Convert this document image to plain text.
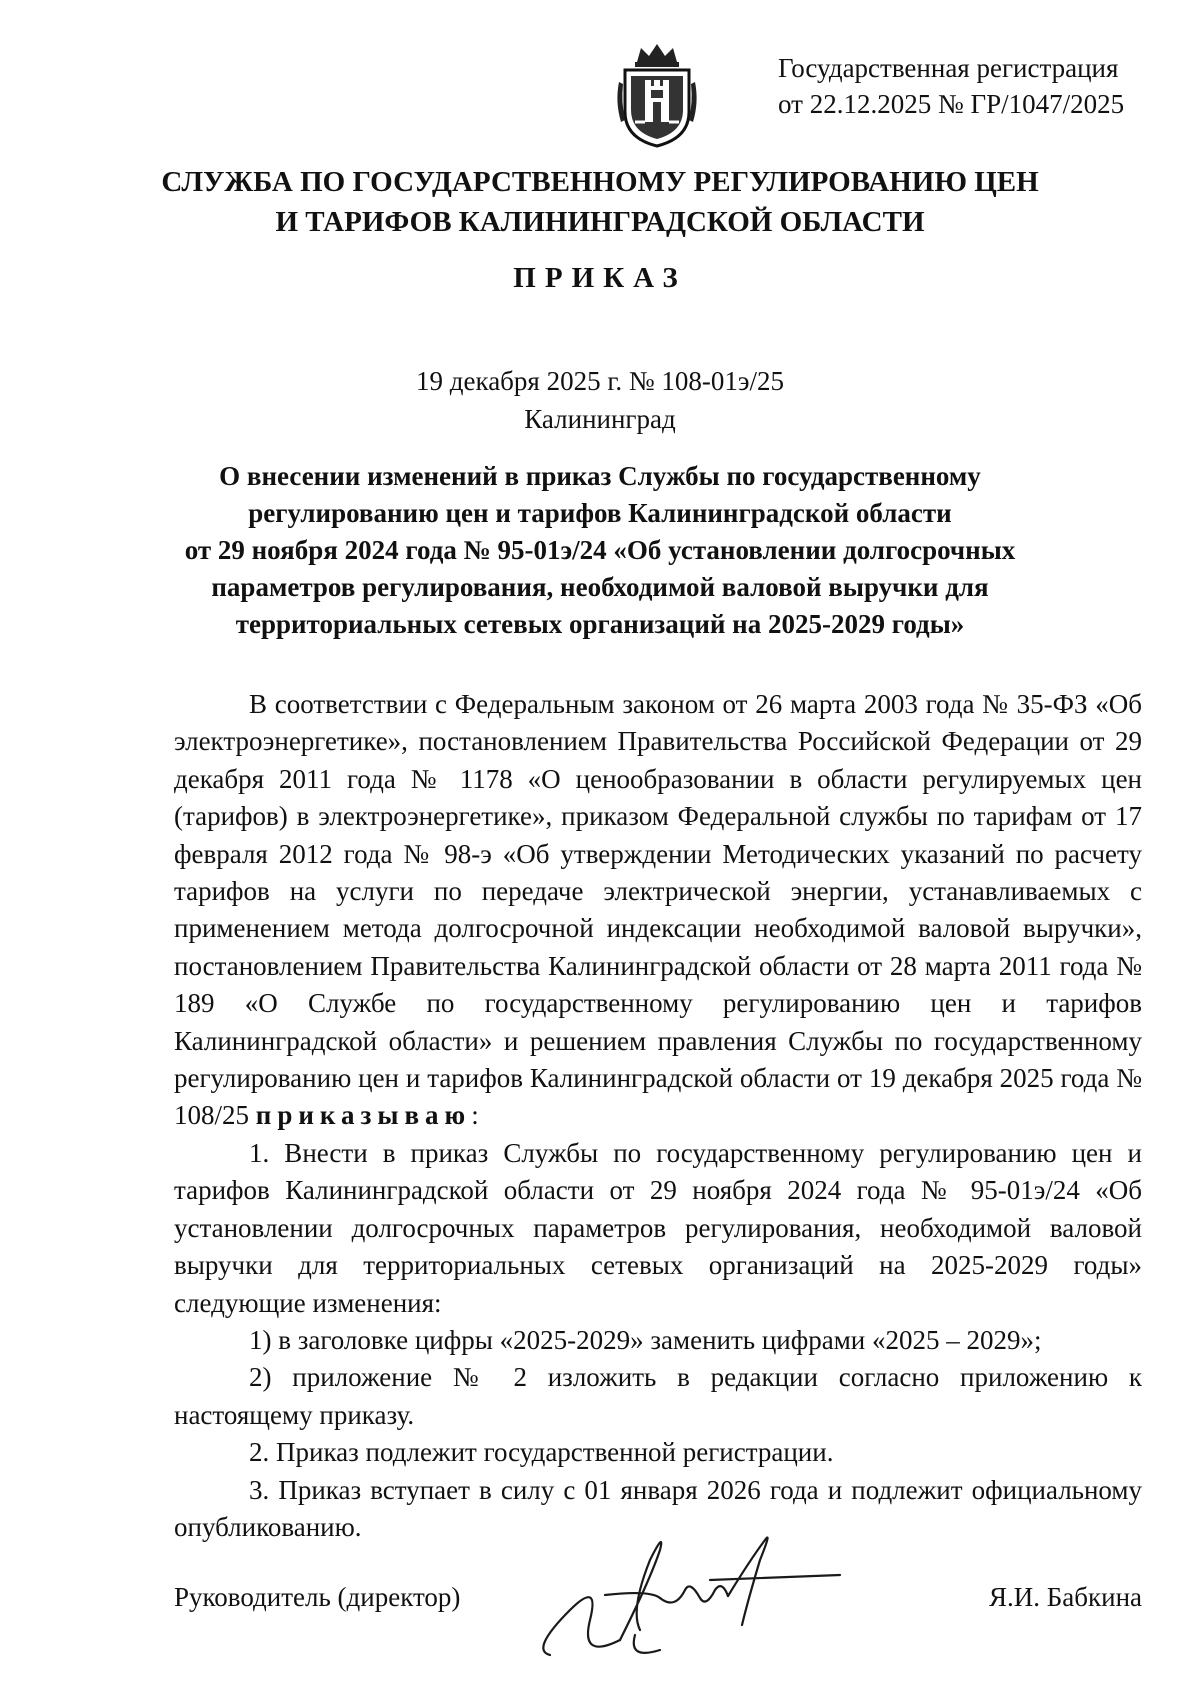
Государственная регистрация
от 22.12.2025 № ГР/1047/2025
СЛУЖБА ПО ГОСУДАРСТВЕННОМУ РЕГУЛИРОВАНИЮ ЦЕН
И ТАРИФОВ КАЛИНИНГРАДСКОЙ ОБЛАСТИ
ПРИКАЗ
19 декабря 2025 г. № 108-01э/25
Калининград
О внесении изменений в приказ Службы по государственному
регулированию цен и тарифов Калининградской области
от 29 ноября 2024 года № 95-01э/24 «Об установлении долгосрочных
параметров регулирования, необходимой валовой выручки для
территориальных сетевых организаций на 2025-2029 годы»

В соответствии с Федеральным законом от 26 марта 2003 года № 35-ФЗ «Об электроэнергетике», постановлением Правительства Российской Федерации от 29 декабря 2011 года № 1178 «О ценообразовании в области регулируемых цен (тарифов) в электроэнергетике», приказом Федеральной службы по тарифам от 17 февраля 2012 года № 98-э «Об утверждении Методических указаний по расчету тарифов на услуги по передаче электрической энергии, устанавливаемых с применением метода долгосрочной индексации необходимой валовой выручки», постановлением Правительства Калининградской области от 28 марта 2011 года № 189 «О Службе по государственному регулированию цен и тарифов Калининградской области» и решением правления Службы по государственному регулированию цен и тарифов Калининградской области от 19 декабря 2025 года № 108/25 приказываю:

1. Внести в приказ Службы по государственному регулированию цен и тарифов Калининградской области от 29 ноября 2024 года № 95-01э/24 «Об установлении долгосрочных параметров регулирования, необходимой валовой выручки для территориальных сетевых организаций на 2025-2029 годы» следующие изменения:

1) в заголовке цифры «2025-2029» заменить цифрами «2025 – 2029»;

2) приложение № 2 изложить в редакции согласно приложению к настоящему приказу.

2. Приказ подлежит государственной регистрации.

3. Приказ вступает в силу с 01 января 2026 года и подлежит официальному опубликованию.

Руководитель (директор)	Я.И. Бабкина
